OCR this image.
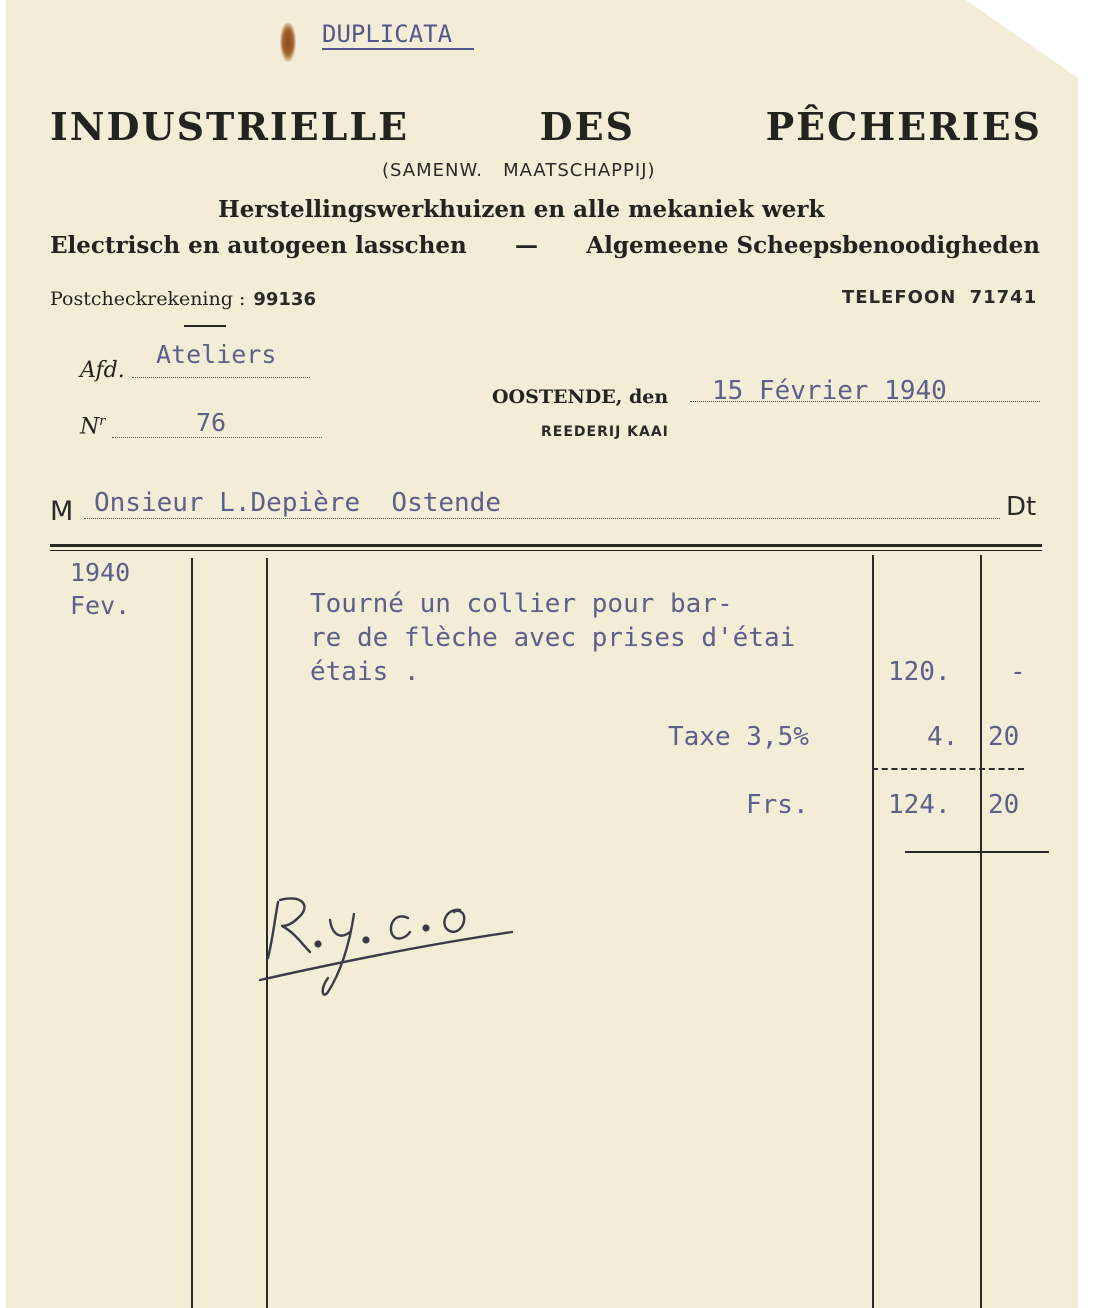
DUPLICATA
INDUSTRIELLE	DES	PÊCHERIES
(SAMENW.   MAATSCHAPPIJ)
Herstellingswerkhuizen en alle mekaniek werk
Electrisch en autogeen lasschen — Algemeene Scheepsbenoodigheden
Postcheckrekening : 99136	TELEFOON 71741
Afd.
Ateliers
$N^r$	76
OOSTENDE, den 15 Février 1940
REEDERIJ KAAI
M Onsieur L.Depière  Ostende	Dt
1940
Fev.	Tourné un collier pour bar-
re de flèche avec prises d'étai
étais .	120. -
Taxe 3,5%	4. 20
Frs.	124. 20
